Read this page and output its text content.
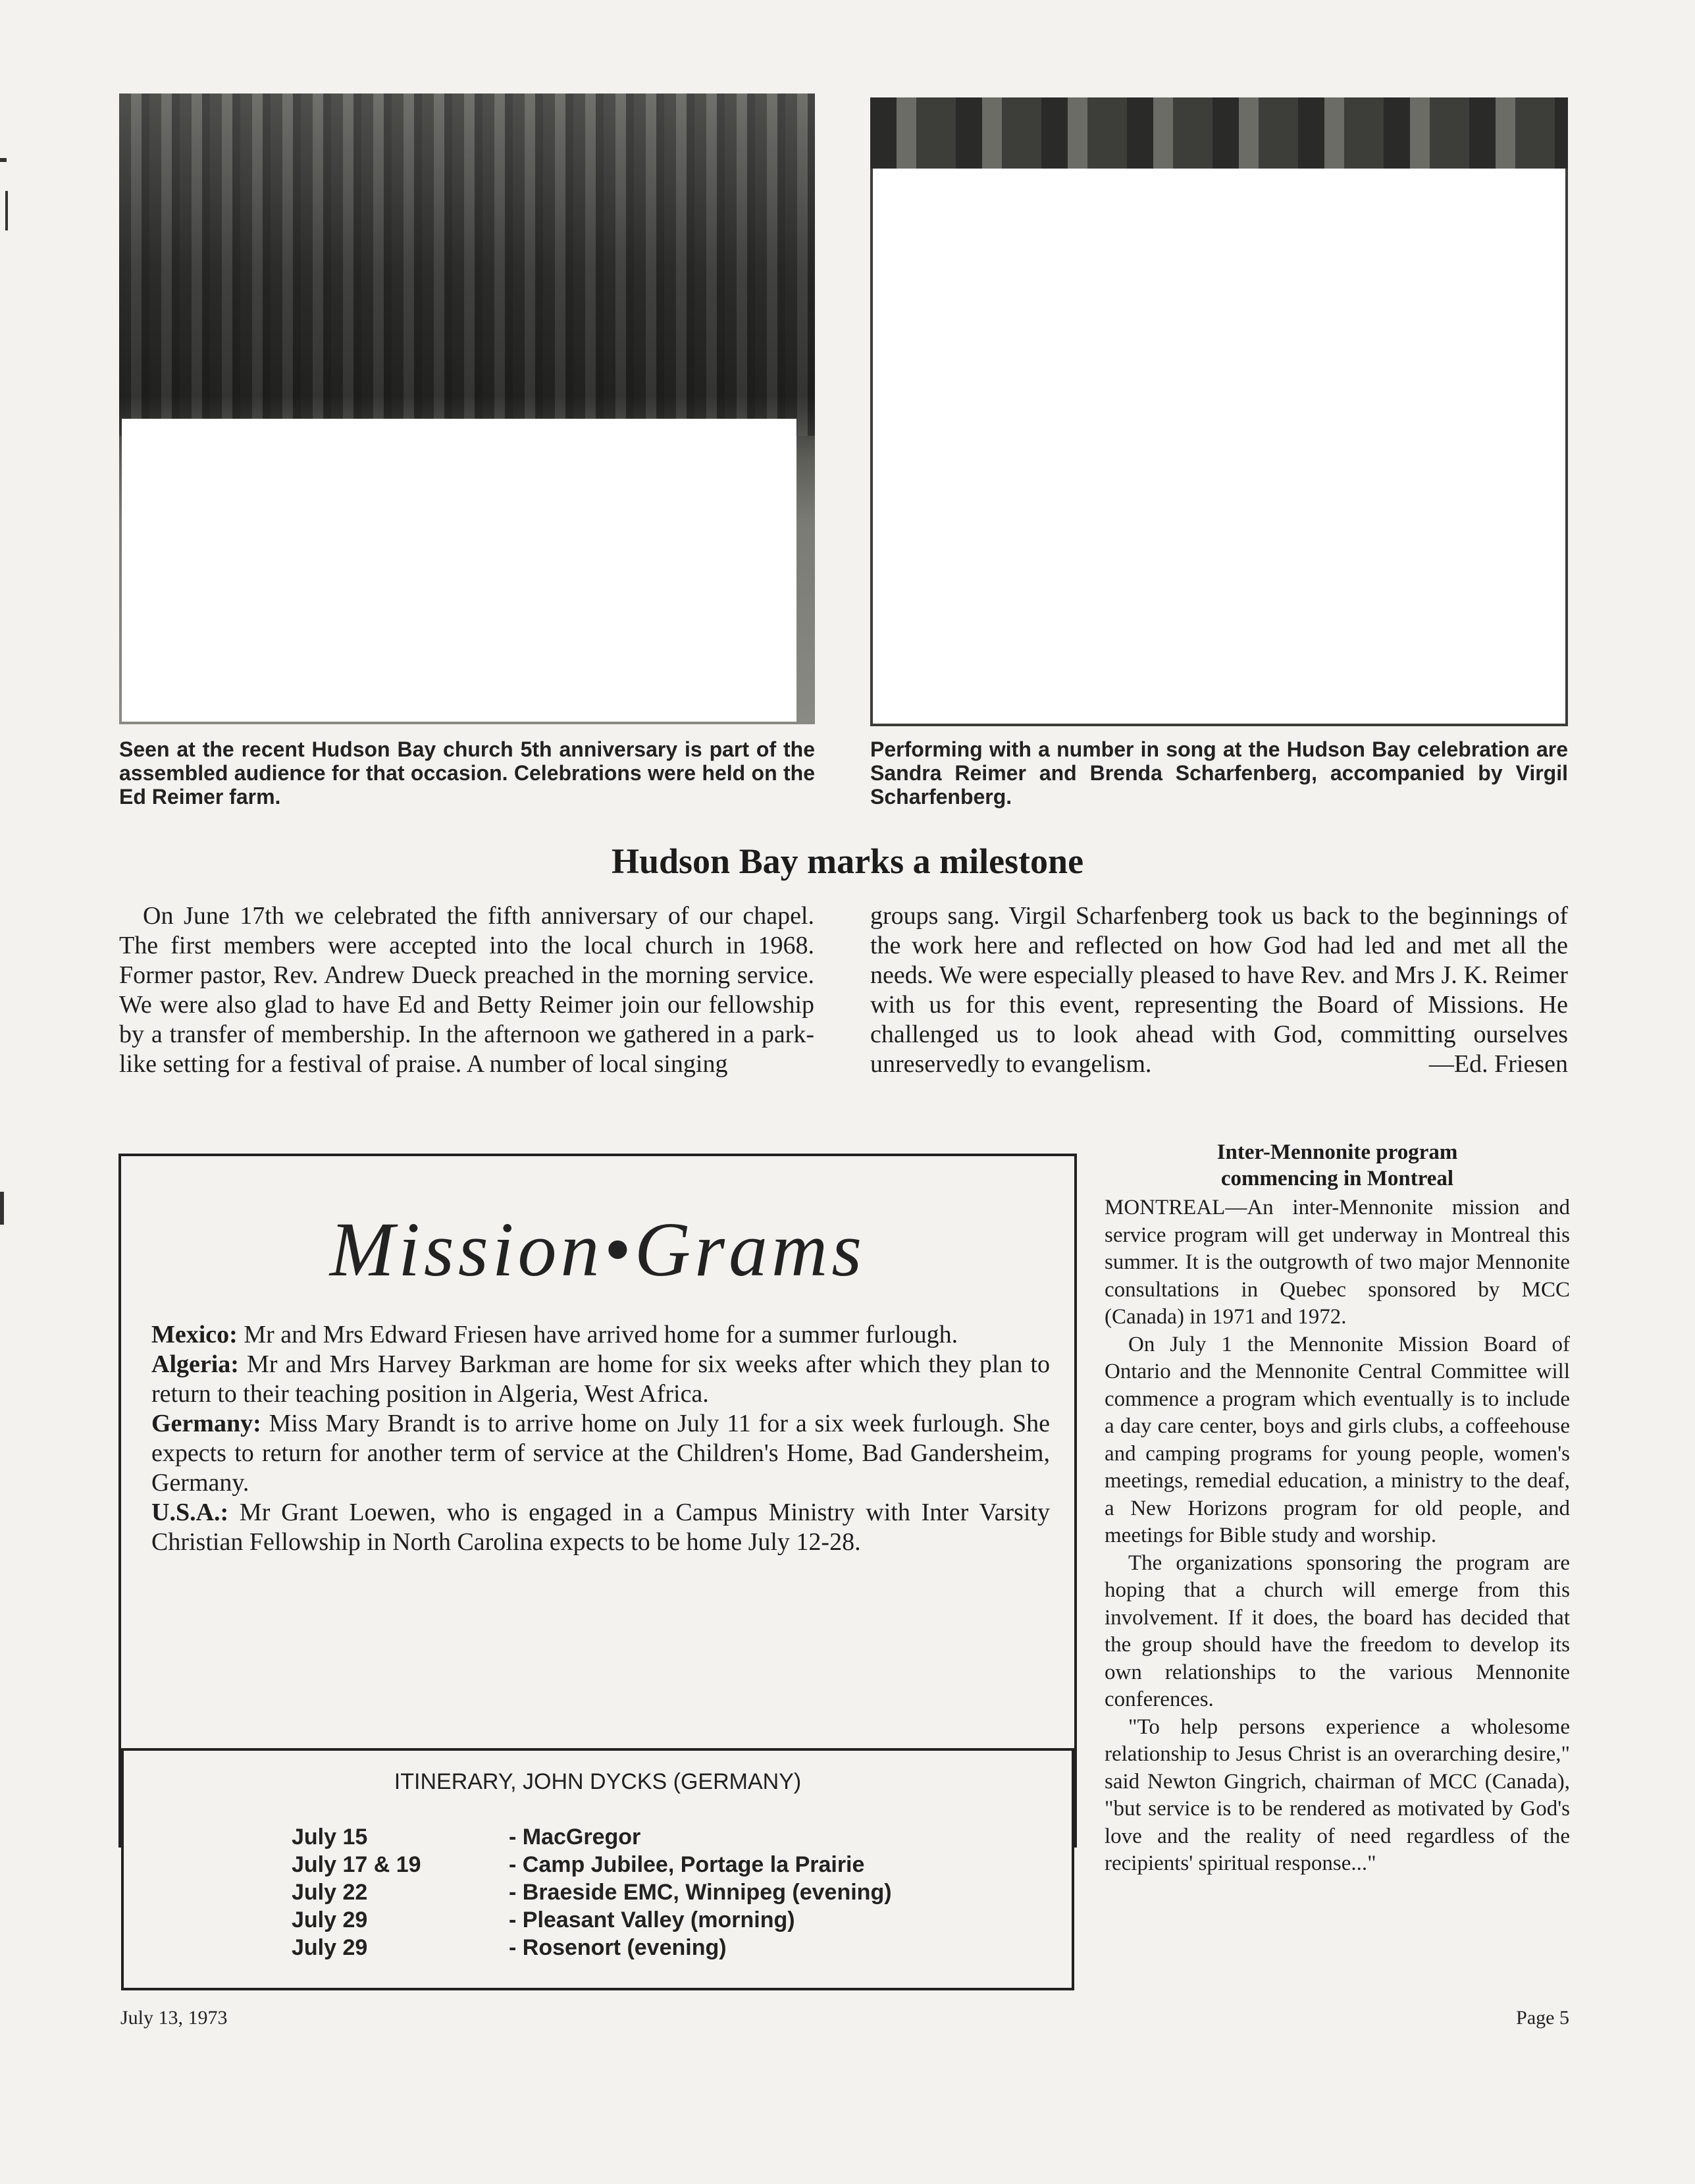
Seen at the recent Hudson Bay church 5th anniversary is part of the assembled audience for that occasion. Celebrations were held on the Ed Reimer farm.
Performing with a number in song at the Hudson Bay celebration are Sandra Reimer and Brenda Scharfenberg, accompanied by Virgil Scharfenberg.
Hudson Bay marks a milestone

On June 17th we celebrated the fifth anniversary of our chapel. The first members were accepted into the local church in 1968. Former pastor, Rev. Andrew Dueck preached in the morning service. We were also glad to have Ed and Betty Reimer join our fellowship by a transfer of membership. In the afternoon we gathered in a park-like setting for a festival of praise. A number of local singing

groups sang. Virgil Scharfenberg took us back to the beginnings of the work here and reflected on how God had led and met all the needs. We were especially pleased to have Rev. and Mrs J. K. Reimer with us for this event, representing the Board of Missions. He challenged us to look ahead with God, committing ourselves unreservedly to evangelism.	—Ed. Friesen

Mission•Grams

Mexico: Mr and Mrs Edward Friesen have arrived home for a summer furlough.

Algeria: Mr and Mrs Harvey Barkman are home for six weeks after which they plan to return to their teaching position in Algeria, West Africa.

Germany: Miss Mary Brandt is to arrive home on July 11 for a six week furlough. She expects to return for another term of service at the Children's Home, Bad Gandersheim, Germany.

U.S.A.: Mr Grant Loewen, who is engaged in a Campus Ministry with Inter Varsity Christian Fellowship in North Carolina expects to be home July 12-28.

ITINERARY, JOHN DYCKS (GERMANY)
July 15	- MacGregor
July 17 & 19	- Camp Jubilee, Portage la Prairie
July 22	- Braeside EMC, Winnipeg (evening)
July 29	- Pleasant Valley (morning)
July 29	- Rosenort (evening)
Inter-Mennonite program
commencing in Montreal

MONTREAL—An inter-Mennonite mission and service program will get underway in Montreal this summer. It is the outgrowth of two major Mennonite consultations in Quebec sponsored by MCC (Canada) in 1971 and 1972.

On July 1 the Mennonite Mission Board of Ontario and the Mennonite Central Committee will commence a program which eventually is to include a day care center, boys and girls clubs, a coffeehouse and camping programs for young people, women's meetings, remedial education, a ministry to the deaf, a New Horizons program for old people, and meetings for Bible study and worship.

The organizations sponsoring the program are hoping that a church will emerge from this involvement. If it does, the board has decided that the group should have the freedom to develop its own relationships to the various Mennonite conferences.

"To help persons experience a wholesome relationship to Jesus Christ is an overarching desire," said Newton Gingrich, chairman of MCC (Canada), "but service is to be rendered as motivated by God's love and the reality of need regardless of the recipients' spiritual response..."

July 13, 1973	Page 5
